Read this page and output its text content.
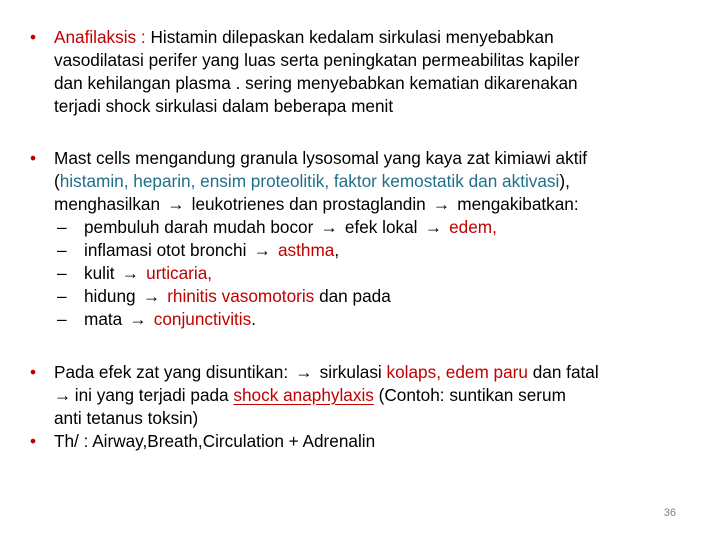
• Anafilaksis : Histamin dilepaskan kedalam sirkulasi menyebabkan
vasodilatasi perifer yang luas serta peningkatan permeabilitas kapiler
dan kehilangan plasma . sering menyebabkan kematian dikarenakan
terjadi shock sirkulasi dalam beberapa menit
• Mast cells mengandung granula lysosomal yang kaya zat kimiawi aktif
(histamin, heparin, ensim proteolitik, faktor kemostatik dan aktivasi),
menghasilkan → leukotrienes dan prostaglandin → mengakibatkan:
– pembuluh darah mudah bocor → efek lokal → edem,
– inflamasi otot bronchi → asthma,
– kulit → urticaria,
– hidung → rhinitis vasomotoris dan pada
– mata → conjunctivitis.
• Pada efek zat yang disuntikan: → sirkulasi kolaps, edem paru dan fatal
→ ini yang terjadi pada shock anaphylaxis (Contoh: suntikan serum
anti tetanus toksin)
• Th/ : Airway,Breath,Circulation + Adrenalin
36
